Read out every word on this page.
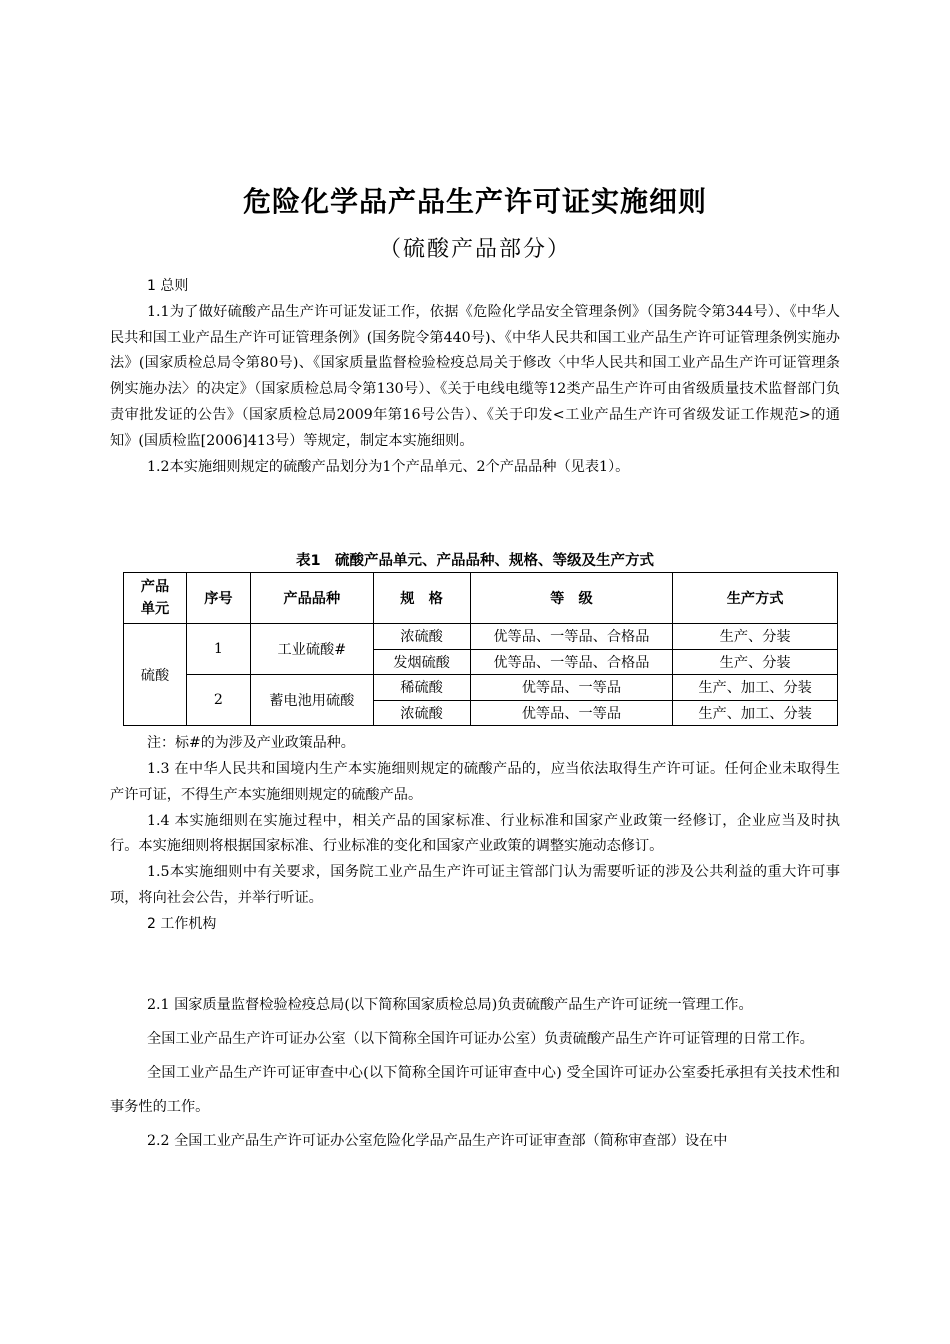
危险化学品产品生产许可证实施细则
（硫酸产品部分）

1 总则

1.1为了做好硫酸产品生产许可证发证工作，依据《危险化学品安全管理条例》（国务院令第344号）、《中华人民共和国工业产品生产许可证管理条例》(国务院令第440号)、《中华人民共和国工业产品生产许可证管理条例实施办法》(国家质检总局令第80号)、《国家质量监督检验检疫总局关于修改〈中华人民共和国工业产品生产许可证管理条例实施办法〉的决定》（国家质检总局令第130号）、《关于电线电缆等12类产品生产许可由省级质量技术监督部门负责审批发证的公告》（国家质检总局2009年第16号公告）、《关于印发<工业产品生产许可省级发证工作规范>的通知》(国质检监[2006]413号）等规定，制定本实施细则。

1.2本实施细则规定的硫酸产品划分为1个产品单元、2个产品品种（见表1）。

表1　硫酸产品单元、产品品种、规格、等级及生产方式
产品单元	序号	产品品种	规　格	等　级	生产方式
硫酸	1	工业硫酸#	浓硫酸	优等品、一等品、合格品	生产、分装
			发烟硫酸	优等品、一等品、合格品	生产、分装
	2	蓄电池用硫酸	稀硫酸	优等品、一等品	生产、加工、分装
			浓硫酸	优等品、一等品	生产、加工、分装
注：标#的为涉及产业政策品种。

1.3 在中华人民共和国境内生产本实施细则规定的硫酸产品的，应当依法取得生产许可证。任何企业未取得生产许可证，不得生产本实施细则规定的硫酸产品。

1.4 本实施细则在实施过程中，相关产品的国家标准、行业标准和国家产业政策一经修订，企业应当及时执行。本实施细则将根据国家标准、行业标准的变化和国家产业政策的调整实施动态修订。

1.5本实施细则中有关要求，国务院工业产品生产许可证主管部门认为需要听证的涉及公共利益的重大许可事项，将向社会公告，并举行听证。

2 工作机构

2.1 国家质量监督检验检疫总局(以下简称国家质检总局)负责硫酸产品生产许可证统一管理工作。

全国工业产品生产许可证办公室（以下简称全国许可证办公室）负责硫酸产品生产许可证管理的日常工作。

全国工业产品生产许可证审查中心(以下简称全国许可证审查中心) 受全国许可证办公室委托承担有关技术性和事务性的工作。

2.2 全国工业产品生产许可证办公室危险化学品产品生产许可证审查部（简称审查部）设在中
